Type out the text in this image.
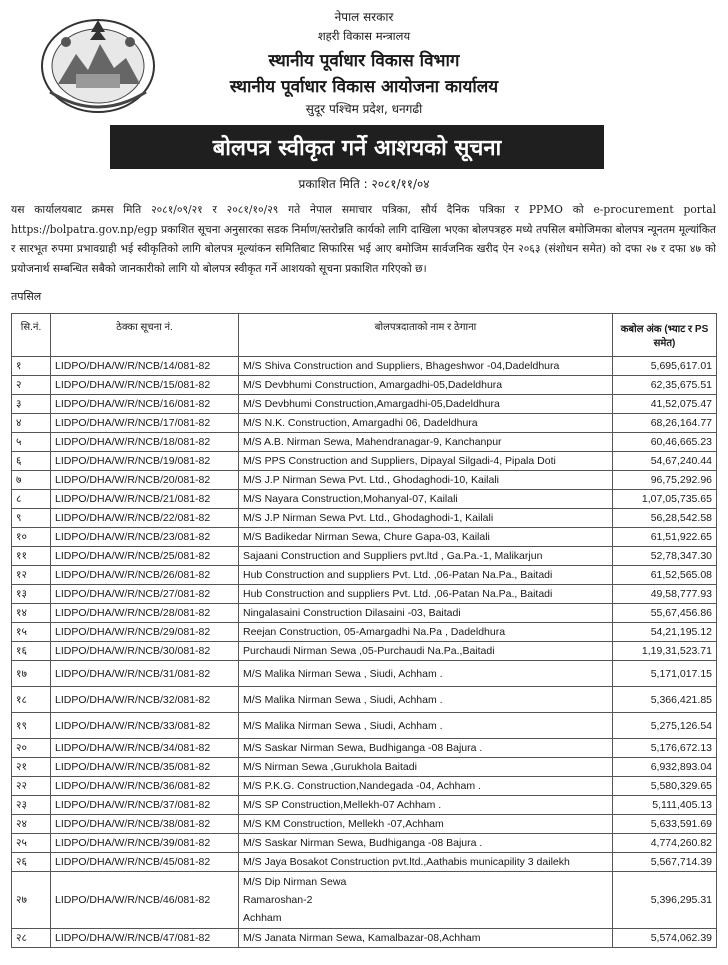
नेपाल सरकार
शहरी विकास मन्त्रालय
स्थानीय पूर्वाधार विकास विभाग
स्थानीय पूर्वाधार विकास आयोजना कार्यालय
सुदूर पश्चिम प्रदेश, धनगढी
बोलपत्र स्वीकृत गर्ने आशयको सूचना
प्रकाशित मिति : २०८१/११/०४

यस कार्यालयबाट क्रमस मिति २०८१/०९/२१ र २०८१/१०/२९ गते नेपाल समाचार पत्रिका, सौर्य दैनिक पत्रिका र PPMO को e-procurement portal https://bolpatra.gov.np/egp प्रकाशित सूचना अनुसारका सडक निर्माण/स्तरोन्नति कार्यको लागि दाखिला भएका बोलपत्रहरु मध्ये तपसिल बमोजिमका बोलपत्र न्यूनतम मूल्यांकित र सारभूत रुपमा प्रभावग्राही भई स्वीकृतिको लागि बोलपत्र मूल्यांकन समितिबाट सिफारिस भई आए बमोजिम सार्वजनिक खरीद ऐन २०६३ (संशोधन समेत) को दफा २७ र दफा ४७ को प्रयोजनार्थ सम्बन्धित सबैको जानकारीको लागि यो बोलपत्र स्वीकृत गर्ने आशयको सूचना प्रकाशित गरिएको छ।

तपसिल
सि.नं.	ठेक्का सूचना नं.	बोलपत्रदाताको नाम र ठेगाना	कबोल अंक (भ्याट र PS समेत)
१	LIDPO/DHA/W/R/NCB/14/081-82	M/S Shiva Construction and Suppliers, Bhageshwor -04,Dadeldhura	5,695,617.01
२	LIDPO/DHA/W/R/NCB/15/081-82	M/S Devbhumi Construction, Amargadhi-05,Dadeldhura	62,35,675.51
३	LIDPO/DHA/W/R/NCB/16/081-82	M/S Devbhumi Construction,Amargadhi-05,Dadeldhura	41,52,075.47
४	LIDPO/DHA/W/R/NCB/17/081-82	M/S N.K. Construction, Amargadhi 06, Dadeldhura	68,26,164.77
५	LIDPO/DHA/W/R/NCB/18/081-82	M/S A.B. Nirman Sewa, Mahendranagar-9, Kanchanpur	60,46,665.23
६	LIDPO/DHA/W/R/NCB/19/081-82	M/S PPS Construction and Suppliers, Dipayal Silgadi-4, Pipala Doti	54,67,240.44
७	LIDPO/DHA/W/R/NCB/20/081-82	M/S J.P Nirman Sewa Pvt. Ltd., Ghodaghodi-10, Kailali	96,75,292.96
८	LIDPO/DHA/W/R/NCB/21/081-82	M/S Nayara Construction,Mohanyal-07, Kailali	1,07,05,735.65
९	LIDPO/DHA/W/R/NCB/22/081-82	M/S J.P Nirman Sewa Pvt. Ltd., Ghodaghodi-1, Kailali	56,28,542.58
१०	LIDPO/DHA/W/R/NCB/23/081-82	M/S Badikedar Nirman Sewa, Chure Gapa-03, Kailali	61,51,922.65
११	LIDPO/DHA/W/R/NCB/25/081-82	Sajaani Construction and Suppliers pvt.ltd , Ga.Pa.-1, Malikarjun	52,78,347.30
१२	LIDPO/DHA/W/R/NCB/26/081-82	Hub Construction and suppliers Pvt. Ltd. ,06-Patan Na.Pa., Baitadi	61,52,565.08
१३	LIDPO/DHA/W/R/NCB/27/081-82	Hub Construction and suppliers Pvt. Ltd. ,06-Patan Na.Pa., Baitadi	49,58,777.93
१४	LIDPO/DHA/W/R/NCB/28/081-82	Ningalasaini Construction Dilasaini -03, Baitadi	55,67,456.86
१५	LIDPO/DHA/W/R/NCB/29/081-82	Reejan Construction, 05-Amargadhi Na.Pa , Dadeldhura	54,21,195.12
१६	LIDPO/DHA/W/R/NCB/30/081-82	Purchaudi Nirman Sewa ,05-Purchaudi Na.Pa.,Baitadi	1,19,31,523.71
१७	LIDPO/DHA/W/R/NCB/31/081-82	M/S Malika Nirman Sewa , Siudi, Achham .	5,171,017.15
१८	LIDPO/DHA/W/R/NCB/32/081-82	M/S Malika Nirman Sewa , Siudi, Achham .	5,366,421.85
१९	LIDPO/DHA/W/R/NCB/33/081-82	M/S Malika Nirman Sewa , Siudi, Achham .	5,275,126.54
२०	LIDPO/DHA/W/R/NCB/34/081-82	M/S Saskar Nirman Sewa, Budhiganga -08 Bajura .	5,176,672.13
२१	LIDPO/DHA/W/R/NCB/35/081-82	M/S Nirman Sewa ,Gurukhola Baitadi	6,932,893.04
२२	LIDPO/DHA/W/R/NCB/36/081-82	M/S P.K.G. Construction,Nandegada -04, Achham .	5,580,329.65
२३	LIDPO/DHA/W/R/NCB/37/081-82	M/S SP Construction,Mellekh-07 Achham .	5,111,405.13
२४	LIDPO/DHA/W/R/NCB/38/081-82	M/S KM Construction, Mellekh -07,Achham	5,633,591.69
२५	LIDPO/DHA/W/R/NCB/39/081-82	M/S Saskar Nirman Sewa, Budhiganga -08 Bajura .	4,774,260.82
२६	LIDPO/DHA/W/R/NCB/45/081-82	M/S Jaya Bosakot Construction pvt.ltd.,Aathabis municapility 3 dailekh	5,567,714.39
२७	LIDPO/DHA/W/R/NCB/46/081-82	M/S Dip Nirman Sewa
Ramaroshan-2
Achham	5,396,295.31
२८	LIDPO/DHA/W/R/NCB/47/081-82	M/S Janata Nirman Sewa, Kamalbazar-08,Achham	5,574,062.39
